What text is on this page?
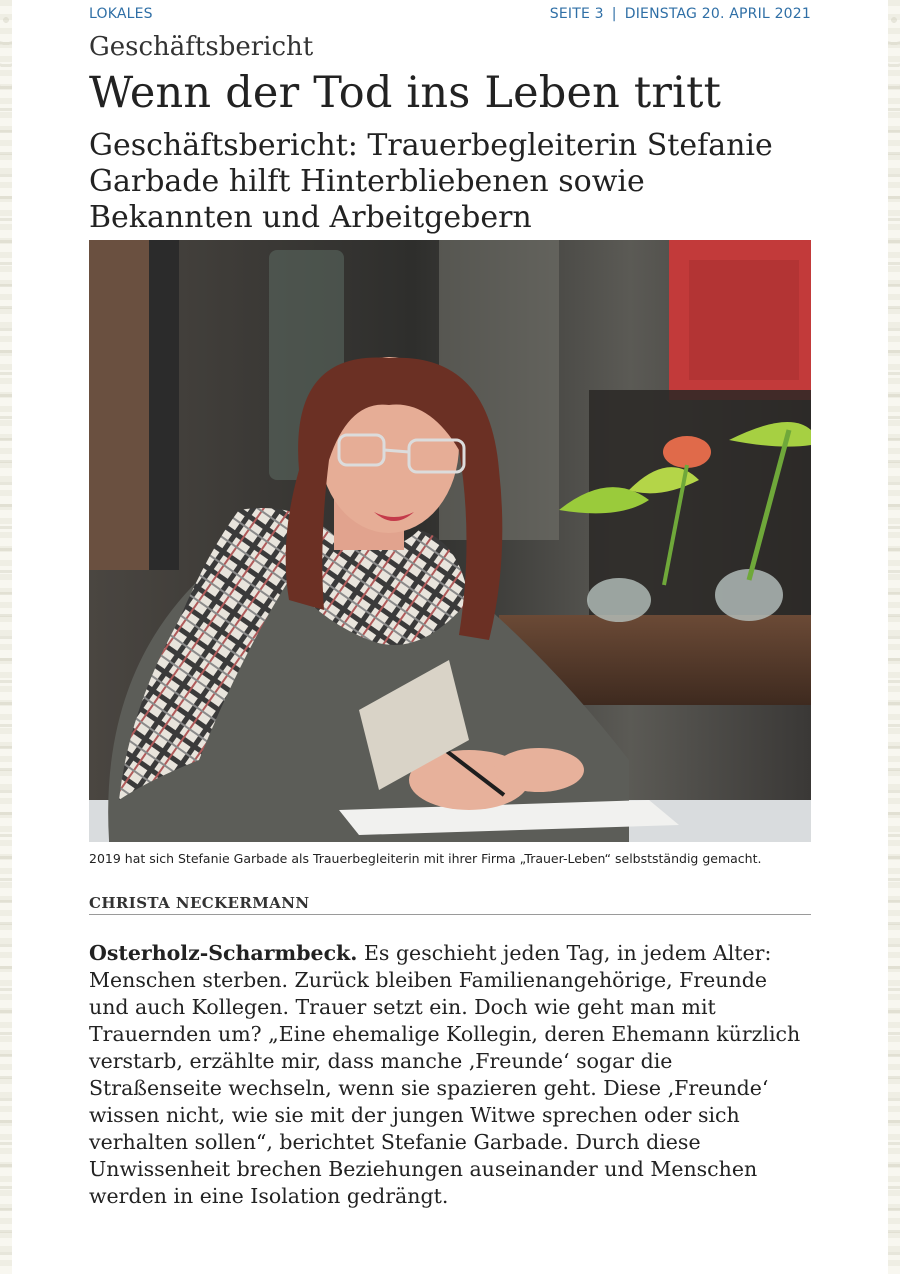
LOKALES	SEITE 3 | DIENSTAG 20. APRIL 2021
Geschäftsbericht
Wenn der Tod ins Leben tritt
Geschäftsbericht: Trauerbegleiterin Stefanie Garbade hilft Hinterbliebenen sowie Bekannten und Arbeitgebern
2019 hat sich Stefanie Garbade als Trauerbegleiterin mit ihrer Firma „Trauer-Leben“ selbstständig gemacht.
CHRISTA NECKERMANN

Osterholz-Scharmbeck. Es geschieht jeden Tag, in jedem Alter: Menschen sterben. Zurück bleiben Familienangehörige, Freunde und auch Kollegen. Trauer setzt ein. Doch wie geht man mit Trauernden um? „Eine ehemalige Kollegin, deren Ehemann kürzlich verstarb, erzählte mir, dass manche ‚Freunde‘ sogar die Straßenseite wechseln, wenn sie spazieren geht. Diese ‚Freunde‘ wissen nicht, wie sie mit der jungen Witwe sprechen oder sich verhalten sollen“, berichtet Stefanie Garbade. Durch diese Unwissenheit brechen Beziehungen auseinander und Menschen werden in eine Isolation gedrängt.
